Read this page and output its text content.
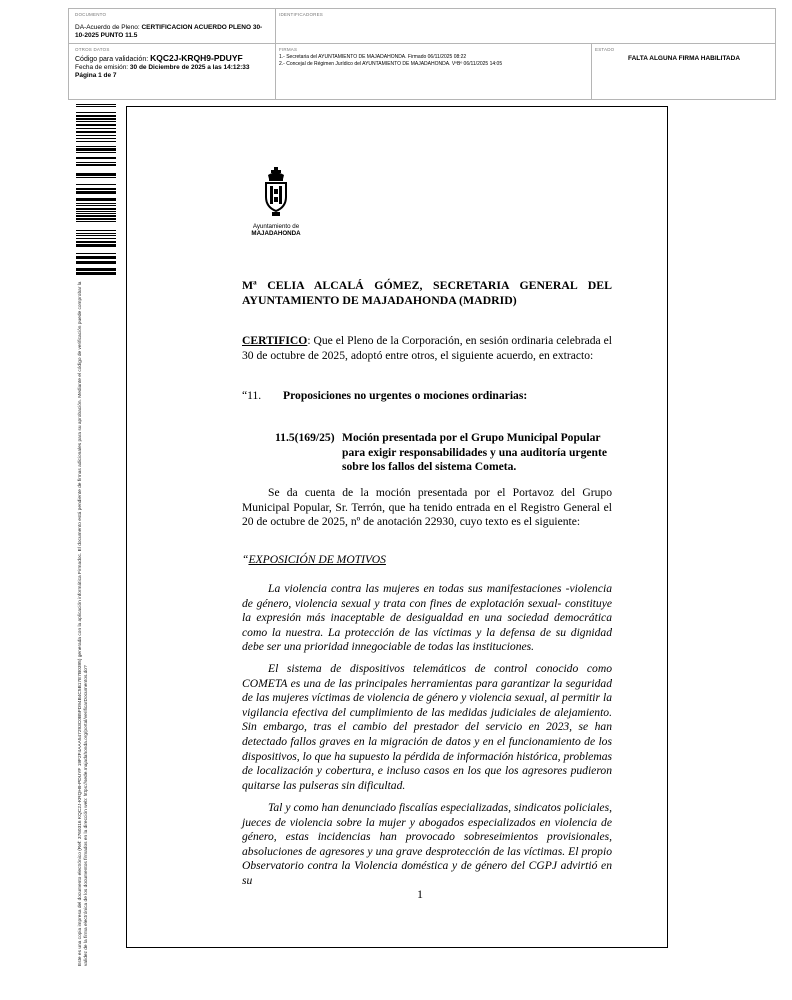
DOCUMENTO
DA-Acuerdo de Pleno: CERTIFICACION ACUERDO PLENO 30-10-2025 PUNTO 11.5
IDENTIFICADORES
OTROS DATOS
Código para validación: KQC2J-KRQH9-PDUYF
Fecha de emisión: 30 de Diciembre de 2025 a las 14:12:33
Página 1 de 7
FIRMAS
1.- Secretaria del AYUNTAMIENTO DE MAJADAHONDA. Firmado 06/11/2025 08:22
2.- Concejal de Régimen Jurídico del AYUNTAMIENTO DE MAJADAHONDA. VºBº 06/11/2025 14:05
ESTADO
FALTA ALGUNA FIRMA HABILITADA
Este es una copia impresa del documento electrónico (Ref: 3760316 KQC2J-KRQH9-PDUYF 19F2F4AAA547293C0B5FD94B4C5B17E7B0395) generada con la aplicación informática Firmadoc. El documento está pendiente de firmas adicionales para su aprobación. Mediante el código de verificación puede comprobar la validez de la firma electrónica de los documentos firmados en la dirección web: https://sede.majadahonda.org/portal/verificarDocumentos.do?
Ayuntamiento de
MAJADAHONDA
Mª CELIA ALCALÁ GÓMEZ, SECRETARIA GENERAL DEL AYUNTAMIENTO DE MAJADAHONDA (MADRID)
CERTIFICO: Que el Pleno de la Corporación, en sesión ordinaria celebrada el 30 de octubre de 2025, adoptó entre otros, el siguiente acuerdo, en extracto:
“11. Proposiciones no urgentes o mociones ordinarias:
11.5(169/25) Moción presentada por el Grupo Municipal Popular para exigir responsabilidades y una auditoría urgente sobre los fallos del sistema Cometa.
Se da cuenta de la moción presentada por el Portavoz del Grupo Municipal Popular, Sr. Terrón, que ha tenido entrada en el Registro General el 20 de octubre de 2025, nº de anotación 22930, cuyo texto es el siguiente:
“EXPOSICIÓN DE MOTIVOS
La violencia contra las mujeres en todas sus manifestaciones -violencia de género, violencia sexual y trata con fines de explotación sexual- constituye la expresión más inaceptable de desigualdad en una sociedad democrática como la nuestra. La protección de las víctimas y la defensa de su dignidad debe ser una prioridad innegociable de todas las instituciones.
El sistema de dispositivos telemáticos de control conocido como COMETA es una de las principales herramientas para garantizar la seguridad de las mujeres víctimas de violencia de género y violencia sexual, al permitir la vigilancia efectiva del cumplimiento de las medidas judiciales de alejamiento. Sin embargo, tras el cambio del prestador del servicio en 2023, se han detectado fallos graves en la migración de datos y en el funcionamiento de los dispositivos, lo que ha supuesto la pérdida de información histórica, problemas de localización y cobertura, e incluso casos en los que los agresores pudieron quitarse las pulseras sin dificultad.
Tal y como han denunciado fiscalías especializadas, sindicatos policiales, jueces de violencia sobre la mujer y abogados especializados en violencia de género, estas incidencias han provocado sobreseimientos provisionales, absoluciones de agresores y una grave desprotección de las víctimas. El propio Observatorio contra la Violencia doméstica y de género del CGPJ advirtió en su
1
